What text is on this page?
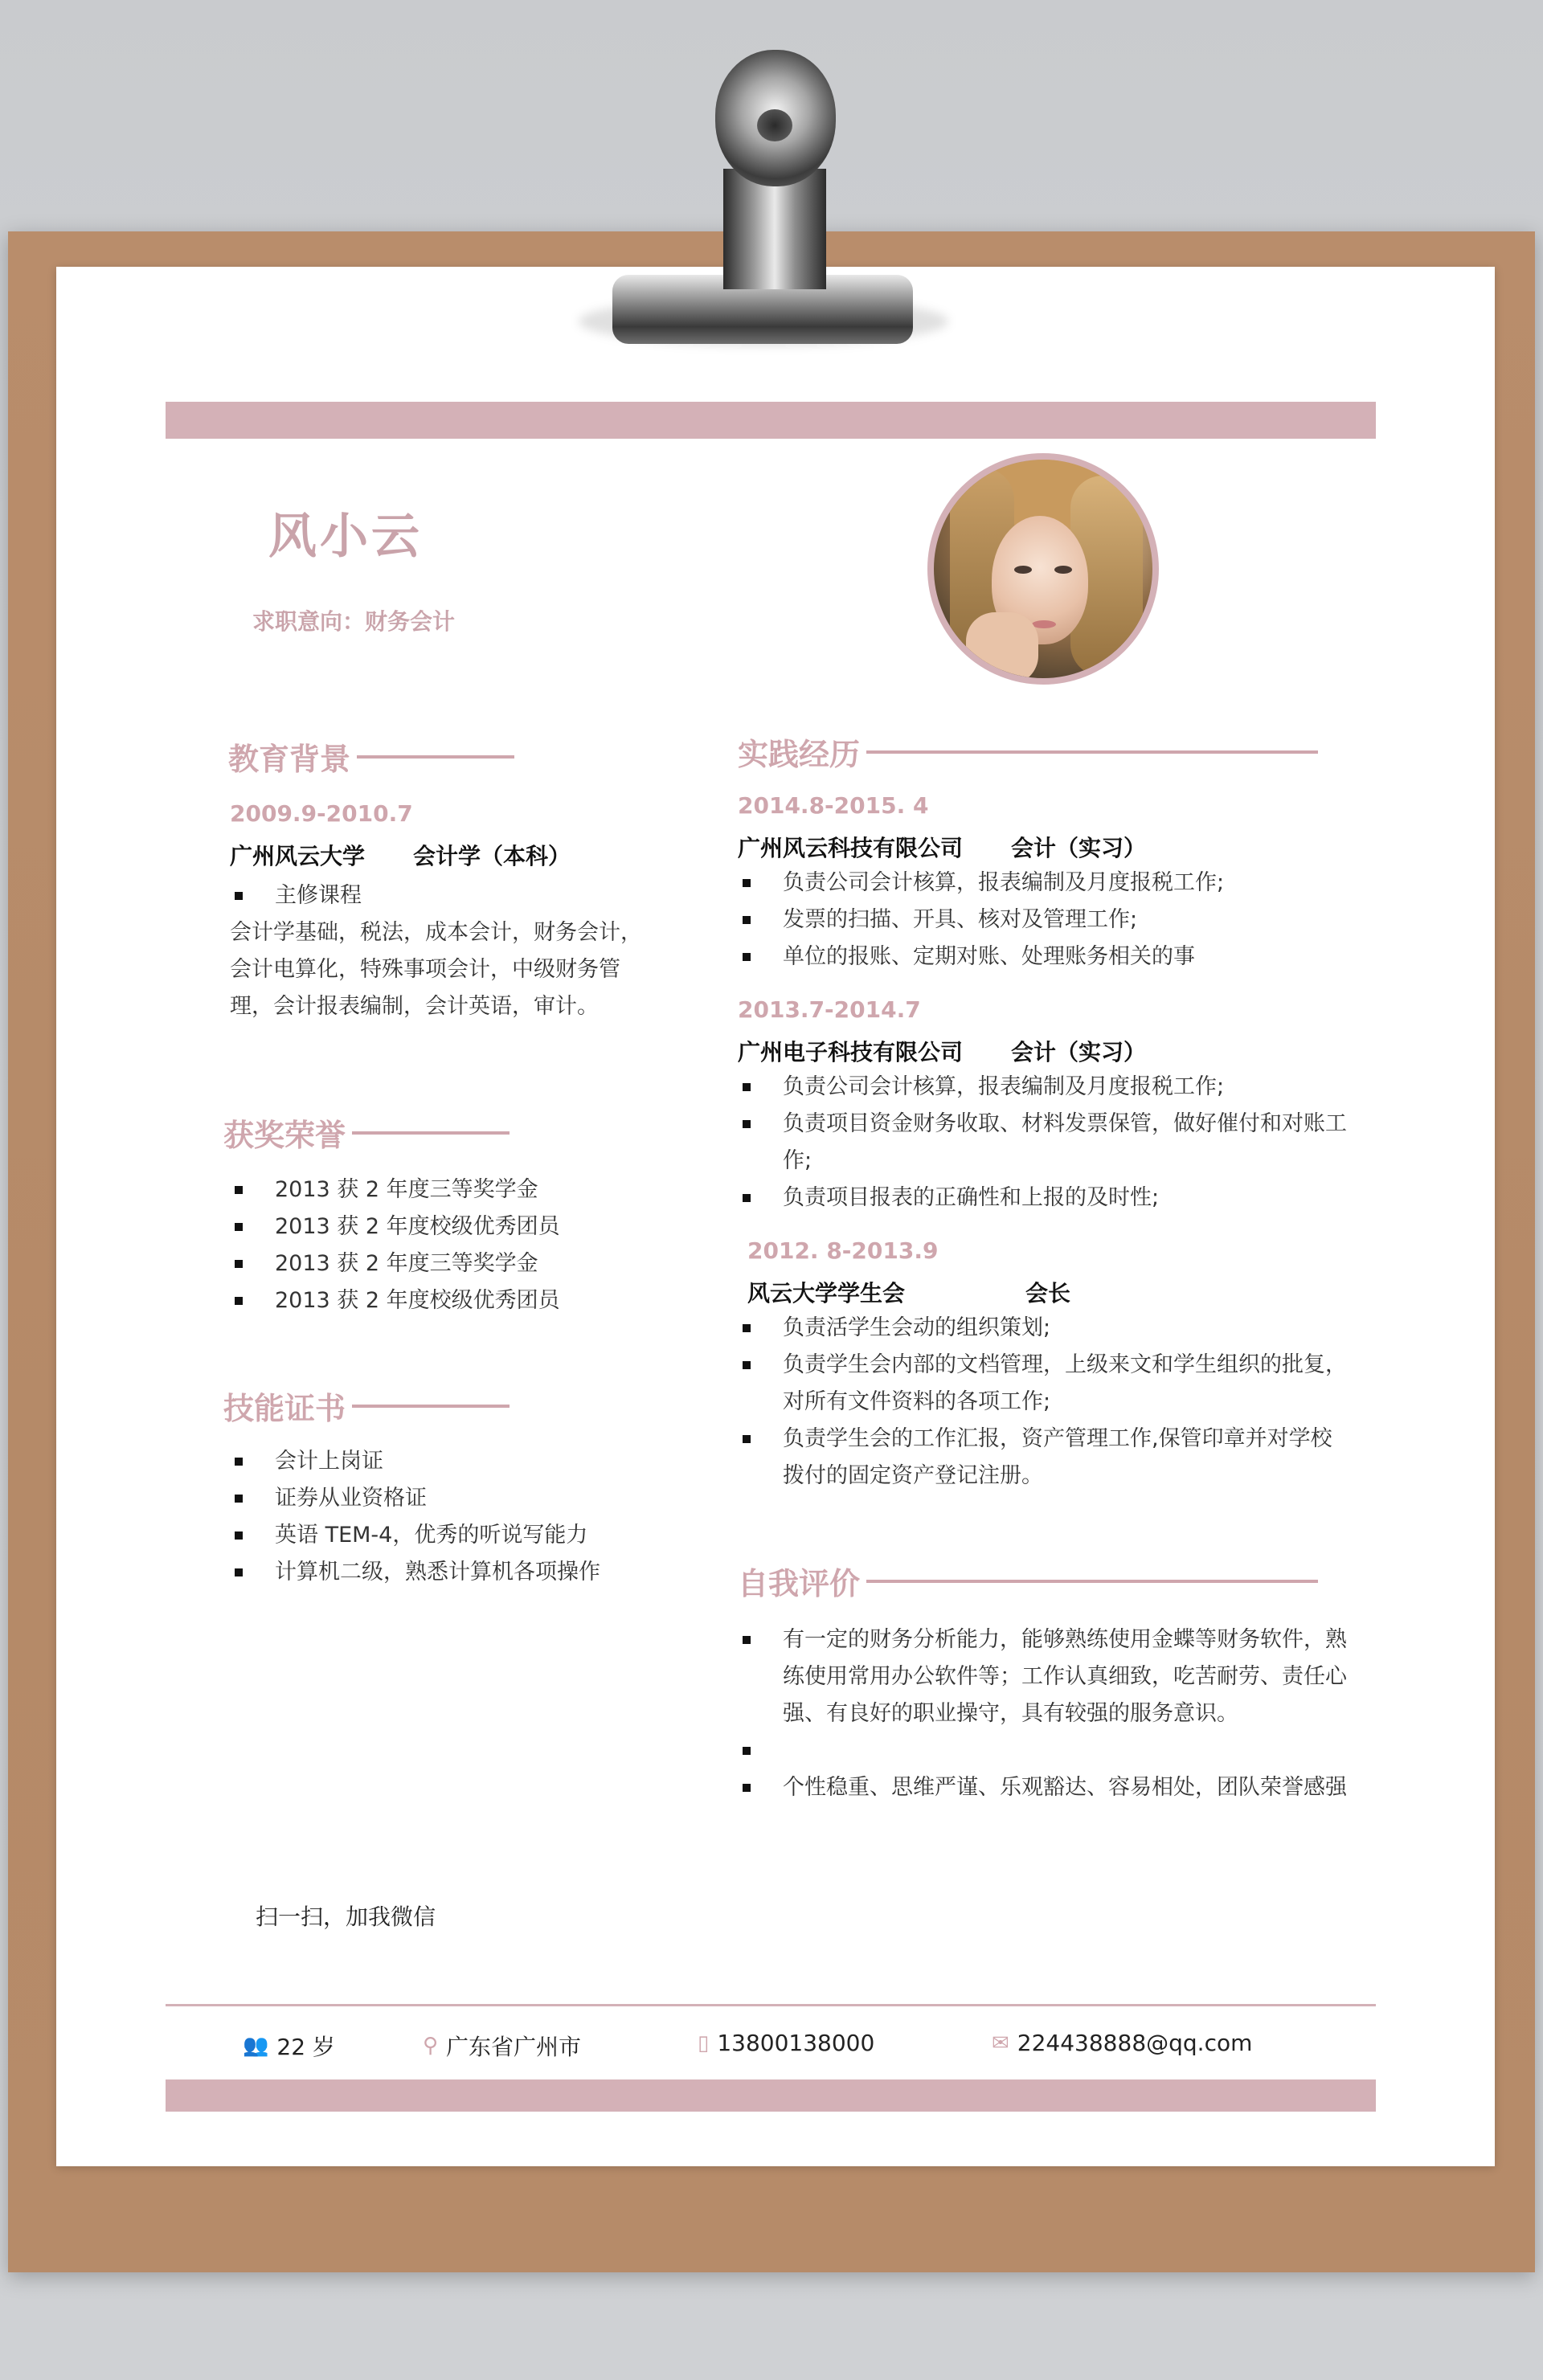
风小云
求职意向：财务会计
教育背景
2009.9-2010.7
广州风云大学 会计学（本科）
主修课程
会计学基础，税法，成本会计，财务会计，
会计电算化，特殊事项会计，中级财务管
理，会计报表编制，会计英语，审计。
获奖荣誉
2013 获 2 年度三等奖学金
2013 获 2 年度校级优秀团员
2013 获 2 年度三等奖学金
2013 获 2 年度校级优秀团员
技能证书
会计上岗证
证券从业资格证
英语 TEM-4，优秀的听说写能力
计算机二级，熟悉计算机各项操作
实践经历
2014.8-2015. 4
广州风云科技有限公司 会计（实习）
负责公司会计核算，报表编制及月度报税工作;
发票的扫描、开具、核对及管理工作;
单位的报账、定期对账、处理账务相关的事
2013.7-2014.7
广州电子科技有限公司 会计（实习）
负责公司会计核算，报表编制及月度报税工作;
负责项目资金财务收取、材料发票保管，做好催付和对账工作;
负责项目报表的正确性和上报的及时性;
2012. 8-2013.9
风云大学学生会	会长
负责活学生会动的组织策划;
负责学生会内部的文档管理，上级来文和学生组织的批复，对所有文件资料的各项工作;
负责学生会的工作汇报，资产管理工作,保管印章并对学校拨付的固定资产登记注册。
自我评价
有一定的财务分析能力，能够熟练使用金蝶等财务软件，熟练使用常用办公软件等；工作认真细致，吃苦耐劳、责任心强、有良好的职业操守，具有较强的服务意识。
个性稳重、思维严谨、乐观豁达、容易相处，团队荣誉感强
扫一扫，加我微信
👥 22 岁	⚲ 广东省广州市	▯ 13800138000	✉ 224438888@qq.com
